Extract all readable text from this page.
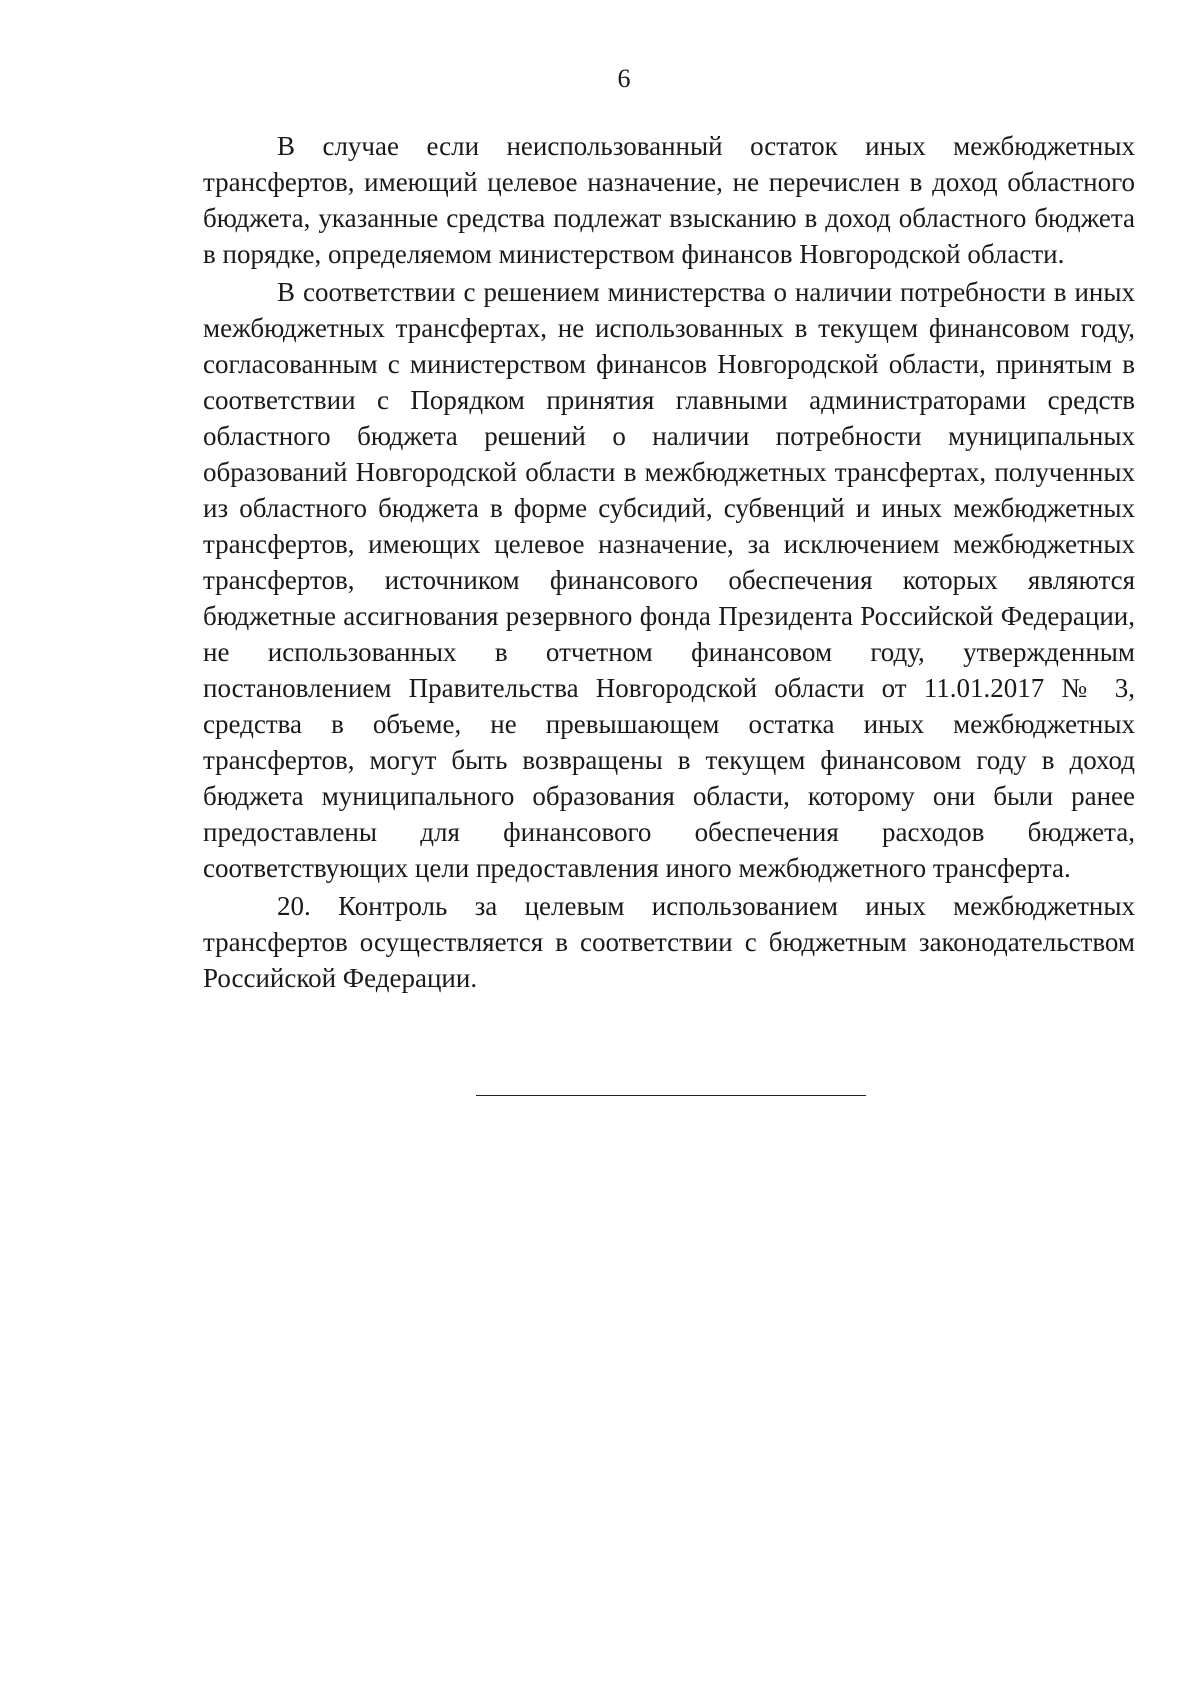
6

В случае если неиспользованный остаток иных межбюджетных трансфертов, имеющий целевое назначение, не перечислен в доход областного бюджета, указанные средства подлежат взысканию в доход областного бюджета в порядке, определяемом министерством финансов Новгородской области.

В соответствии с решением министерства о наличии потребности в иных межбюджетных трансфертах, не использованных в текущем финансовом году, согласованным с министерством финансов Новгородской области, принятым в соответствии с Порядком принятия главными администраторами средств областного бюджета решений о наличии потребности муниципальных образований Новгородской области в межбюджетных трансфертах, полученных из областного бюджета в форме субсидий, субвенций и иных межбюджетных трансфертов, имеющих целевое назначение, за исключением межбюджетных трансфертов, источником финансового обеспечения которых являются бюджетные ассигнования резервного фонда Президента Российской Федерации, не использованных в отчетном финансовом году, утвержденным постановлением Правительства Новгородской области от 11.01.2017 № 3, средства в объеме, не превышающем остатка иных межбюджетных трансфертов, могут быть возвращены в текущем финансовом году в доход бюджета муниципального образования области, которому они были ранее предоставлены для финансового обеспечения расходов бюджета, соответствующих цели предоставления иного межбюджетного трансферта.

20. Контроль за целевым использованием иных межбюджетных трансфертов осуществляется в соответствии с бюджетным законодательством Российской Федерации.
